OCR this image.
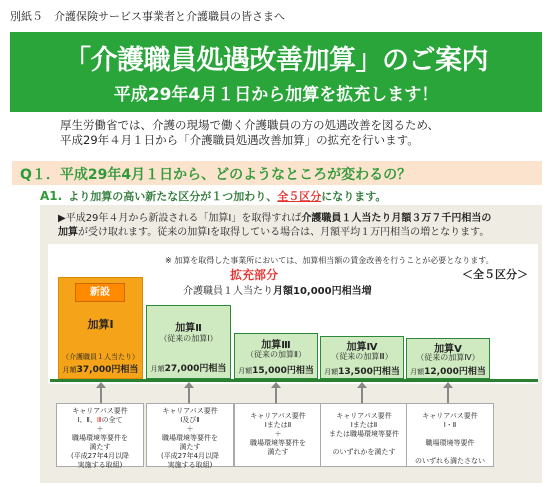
別紙５　介護保険サービス事業者と介護職員の皆さまへ
「介護職員処遇改善加算」のご案内
平成29年4月１日から加算を拡充します！
厚生労働省では、介護の現場で働く介護職員の方の処遇改善を図るため、
平成29年４月１日から「介護職員処遇改善加算」の拡充を行います。
Q１．平成29年4月１日から、どのようなところが変わるの？
A1. より加算の高い新たな区分が１つ加わり、全５区分になります。
▶平成29年４月から新設される「加算Ⅰ」を取得すれば介護職員１人当たり月額３万７千円相当の
加算が受け取れます。従来の加算Ⅰを取得している場合は、月額平均１万円相当の増となります。
※ 加算を取得した事業所においては、加算相当額の賃金改善を行うことが必要となります。
拡充部分
介護職員１人当たり月額10,000円相当増
＜全５区分＞
加算Ⅰ
（介護職員１人当たり）
月額37,000円相当
新設
加算Ⅱ
（従来の加算Ⅰ）
月額27,000円相当
加算Ⅲ
（従来の加算Ⅱ）
月額15,000円相当
加算Ⅳ
（従来の加算Ⅲ）
月額13,500円相当
加算Ⅴ
（従来の加算Ⅳ）
月額12,000円相当
キャリアパス要件
Ⅰ、Ⅱ、Ⅲの全て
＋
職場環境等要件を
満たす
(平成27年4月以降
実施する取組)
キャリアパス要件
Ⅰ及びⅡ
＋
職場環境等要件を
満たす
(平成27年4月以降
実施する取組)
キャリアパス要件
ⅠまたはⅡ
＋
職場環境等要件を
満たす
キャリアパス要件
ⅠまたはⅡ
または職場環境等要件
のいずれかを満たす
キャリアパス要件
Ⅰ・Ⅱ
職場環境等要件
のいずれも満たさない
